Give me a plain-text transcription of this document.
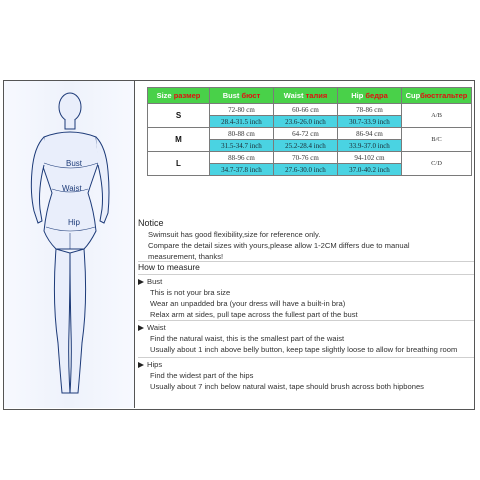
Bust
Waist
Hip
Size размер	Bust бюст	Waist талия	Hip бедра	Cupбюстгальтер
S	72-80 cm	60-66 cm	78-86 cm	A/B
	28.4-31.5 inch	23.6-26.0 inch	30.7-33.9 inch	
M	80-88 cm	64-72 cm	86-94 cm	B/C
	31.5-34.7 inch	25.2-28.4 inch	33.9-37.0 inch	
L	88-96 cm	70-76 cm	94-102 cm	C/D
	34.7-37.8 inch	27.6-30.0 inch	37.0-40.2 inch	
Notice

Swimsuit has good flexibility,size for reference only.

Compare the detail sizes with yours,please allow 1-2CM differs due to manual

measurement, thanks!

How to measure
Bust
This is not your bra size
Wear an unpadded bra (your dress will have a built-in bra)
Relax arm at sides, pull tape across the fullest part of the bust
Waist
Find the natural waist, this is the smallest part of the waist
Usually about 1 inch above belly button, keep tape slightly loose to allow for breathing room
Hips
Find the widest part of the hips
Usually about 7 inch below natural waist, tape should brush across both hipbones
